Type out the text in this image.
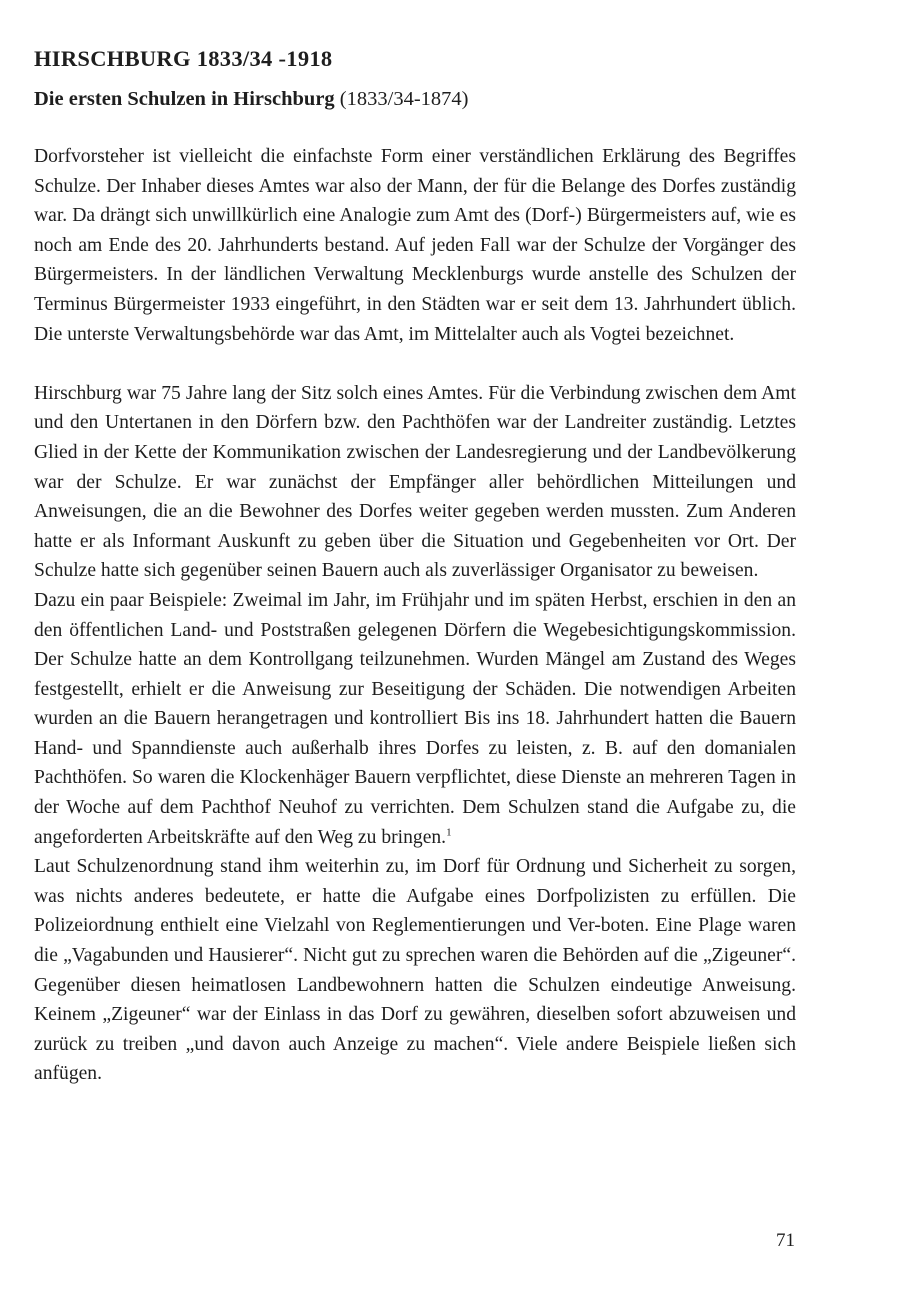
HIRSCHBURG 1833/34 -1918
Die ersten Schulzen in Hirschburg (1833/34-1874)

Dorfvorsteher ist vielleicht die einfachste Form einer verständlichen Erklärung des Begriffes Schulze. Der Inhaber dieses Amtes war also der Mann, der für die Belange des Dorfes zuständig war. Da drängt sich unwillkürlich eine Analogie zum Amt des (Dorf-) Bürgermeisters auf, wie es noch am Ende des 20. Jahrhunderts bestand. Auf jeden Fall war der Schulze der Vorgänger des Bürgermeisters. In der ländlichen Verwaltung Mecklenburgs wurde anstelle des Schulzen der Terminus Bürgermeister 1933 eingeführt, in den Städten war er seit dem 13. Jahrhundert üblich. Die unterste Verwaltungsbehörde war das Amt, im Mittelalter auch als Vogtei bezeichnet.

Hirschburg war 75 Jahre lang der Sitz solch eines Amtes. Für die Verbindung zwischen dem Amt und den Untertanen in den Dörfern bzw. den Pachthöfen war der Landreiter zuständig. Letztes Glied in der Kette der Kommunikation zwischen der Landesregierung und der Landbevölkerung war der Schulze. Er war zunächst der Empfänger aller behördlichen Mitteilungen und Anweisungen, die an die Bewohner des Dorfes weiter gegeben werden mussten. Zum Anderen hatte er als Informant Auskunft zu geben über die Situation und Gegebenheiten vor Ort. Der Schulze hatte sich gegenüber seinen Bauern auch als zuverlässiger Organisator zu beweisen.

Dazu ein paar Beispiele: Zweimal im Jahr, im Frühjahr und im späten Herbst, erschien in den an den öffentlichen Land- und Poststraßen gelegenen Dörfern die Wegebesichtigungskommission. Der Schulze hatte an dem Kontrollgang teilzunehmen. Wurden Mängel am Zustand des Weges festgestellt, erhielt er die Anweisung zur Beseitigung der Schäden. Die notwendigen Arbeiten wurden an die Bauern herangetragen und kontrolliert Bis ins 18. Jahrhundert hatten die Bauern Hand- und Spanndienste auch außerhalb ihres Dorfes zu leisten, z. B. auf den domanialen Pachthöfen. So waren die Klockenhäger Bauern verpflichtet, diese Dienste an mehreren Tagen in der Woche auf dem Pachthof Neuhof zu verrichten. Dem Schulzen stand die Aufgabe zu, die angeforderten Arbeitskräfte auf den Weg zu bringen.$^1$

Laut Schulzenordnung stand ihm weiterhin zu, im Dorf für Ordnung und Sicherheit zu sorgen, was nichts anderes bedeutete, er hatte die Aufgabe eines Dorfpolizisten zu erfüllen. Die Polizeiordnung enthielt eine Vielzahl von Reglementierungen und Ver-boten. Eine Plage waren die „Vagabunden und Hausierer“. Nicht gut zu sprechen waren die Behörden auf die „Zigeuner“. Gegenüber diesen heimatlosen Landbewohnern hatten die Schulzen eindeutige Anweisung. Keinem „Zigeuner“ war der Einlass in das Dorf zu gewähren, dieselben sofort abzuweisen und zurück zu treiben „und davon auch Anzeige zu machen“. Viele andere Beispiele ließen sich anfügen.

71
